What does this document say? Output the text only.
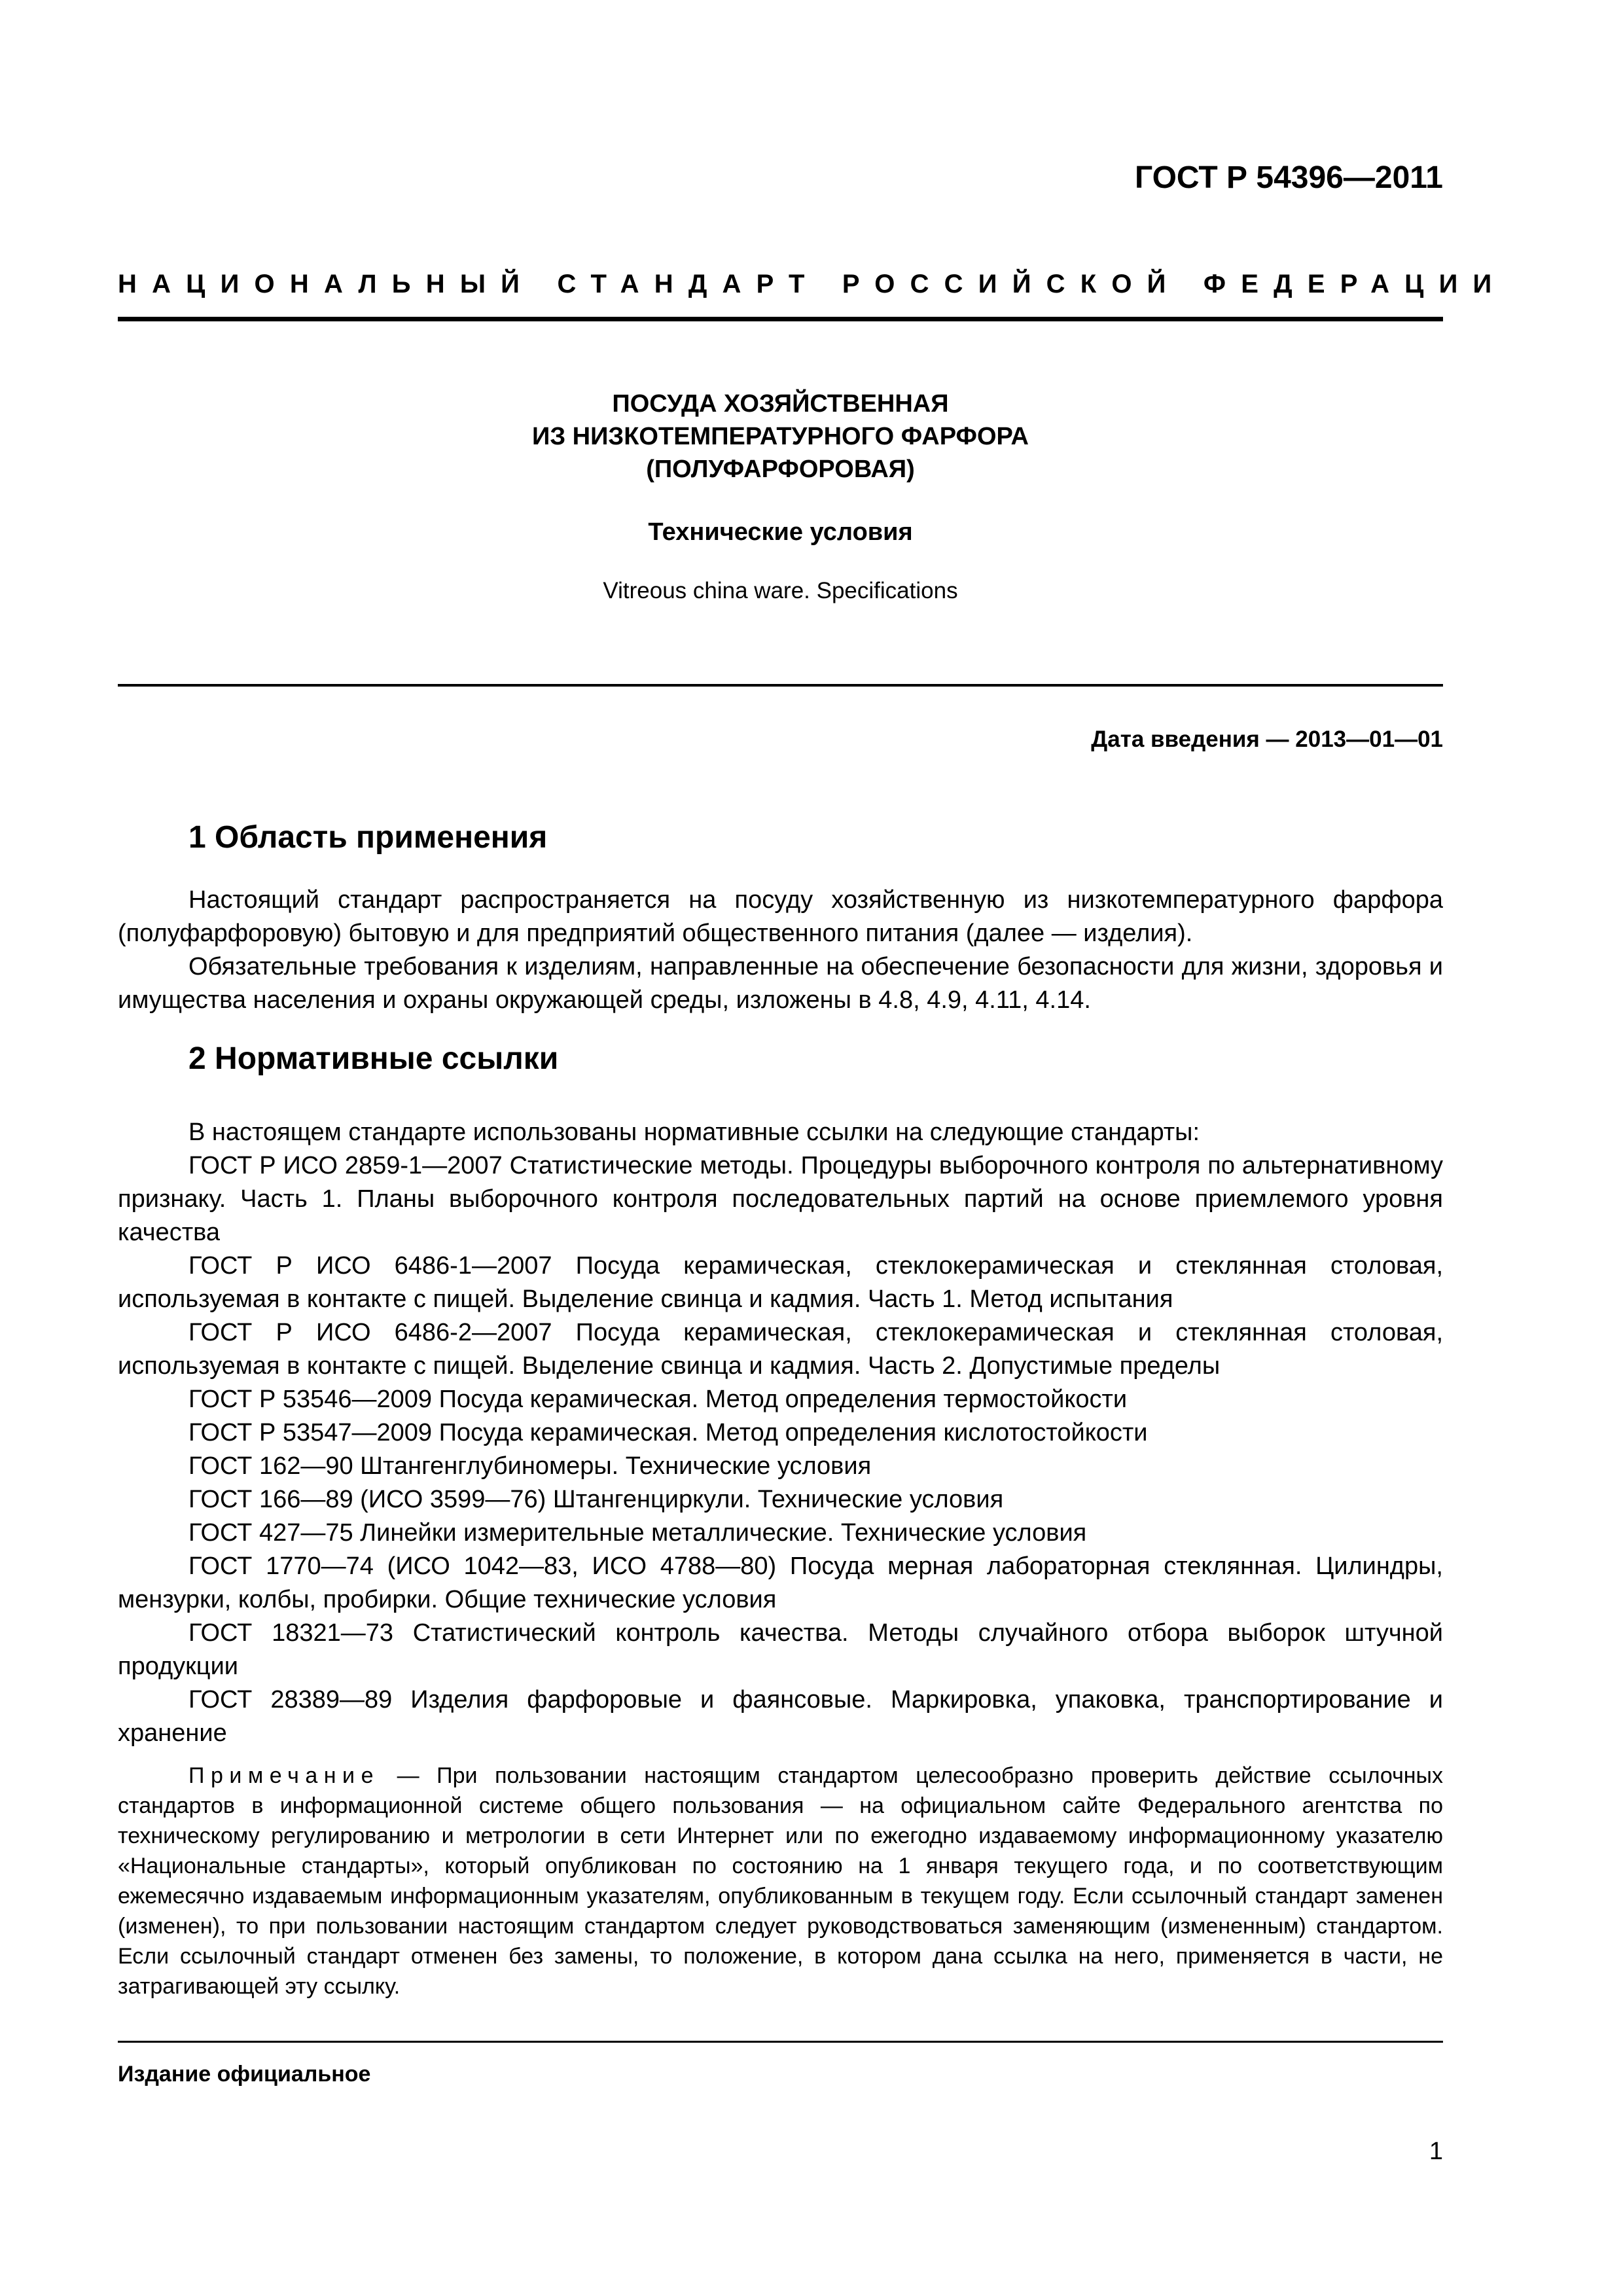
ГОСТ Р 54396—2011
НАЦИОНАЛЬНЫЙ СТАНДАРТ РОССИЙСКОЙ ФЕДЕРАЦИИ
ПОСУДА ХОЗЯЙСТВЕННАЯ
ИЗ НИЗКОТЕМПЕРАТУРНОГО ФАРФОРА
(ПОЛУФАРФОРОВАЯ)
Технические условия
Vitreous china ware. Specifications
Дата введения — 2013—01—01
1 Область применения

Настоящий стандарт распространяется на посуду хозяйственную из низкотемпературного фарфора (полуфарфоровую) бытовую и для предприятий общественного питания (далее — изделия).

Обязательные требования к изделиям, направленные на обеспечение безопасности для жизни, здоровья и имущества населения и охраны окружающей среды, изложены в 4.8, 4.9, 4.11, 4.14.

2 Нормативные ссылки

В настоящем стандарте использованы нормативные ссылки на следующие стандарты:

ГОСТ Р ИСО 2859-1—2007 Статистические методы. Процедуры выборочного контроля по альтернативному признаку. Часть 1. Планы выборочного контроля последовательных партий на основе приемлемого уровня качества

ГОСТ Р ИСО 6486-1—2007 Посуда керамическая, стеклокерамическая и стеклянная столовая, используемая в контакте с пищей. Выделение свинца и кадмия. Часть 1. Метод испытания

ГОСТ Р ИСО 6486-2—2007 Посуда керамическая, стеклокерамическая и стеклянная столовая, используемая в контакте с пищей. Выделение свинца и кадмия. Часть 2. Допустимые пределы

ГОСТ Р 53546—2009 Посуда керамическая. Метод определения термостойкости

ГОСТ Р 53547—2009 Посуда керамическая. Метод определения кислотостойкости

ГОСТ 162—90 Штангенглубиномеры. Технические условия

ГОСТ 166—89 (ИСО 3599—76) Штангенциркули. Технические условия

ГОСТ 427—75 Линейки измерительные металлические. Технические условия

ГОСТ 1770—74 (ИСО 1042—83, ИСО 4788—80) Посуда мерная лабораторная стеклянная. Цилиндры, мензурки, колбы, пробирки. Общие технические условия

ГОСТ 18321—73 Статистический контроль качества. Методы случайного отбора выборок штучной продукции

ГОСТ 28389—89 Изделия фарфоровые и фаянсовые. Маркировка, упаковка, транспортирование и хранение

Примечание — При пользовании настоящим стандартом целесообразно проверить действие ссылочных стандартов в информационной системе общего пользования — на официальном сайте Федерального агентства по техническому регулированию и метрологии в сети Интернет или по ежегодно издаваемому информационному указателю «Национальные стандарты», который опубликован по состоянию на 1 января текущего года, и по соответствующим ежемесячно издаваемым информационным указателям, опубликованным в текущем году. Если ссылочный стандарт заменен (изменен), то при пользовании настоящим стандартом следует руководствоваться заменяющим (измененным) стандартом. Если ссылочный стандарт отменен без замены, то положение, в котором дана ссылка на него, применяется в части, не затрагивающей эту ссылку.

Издание официальное
1
